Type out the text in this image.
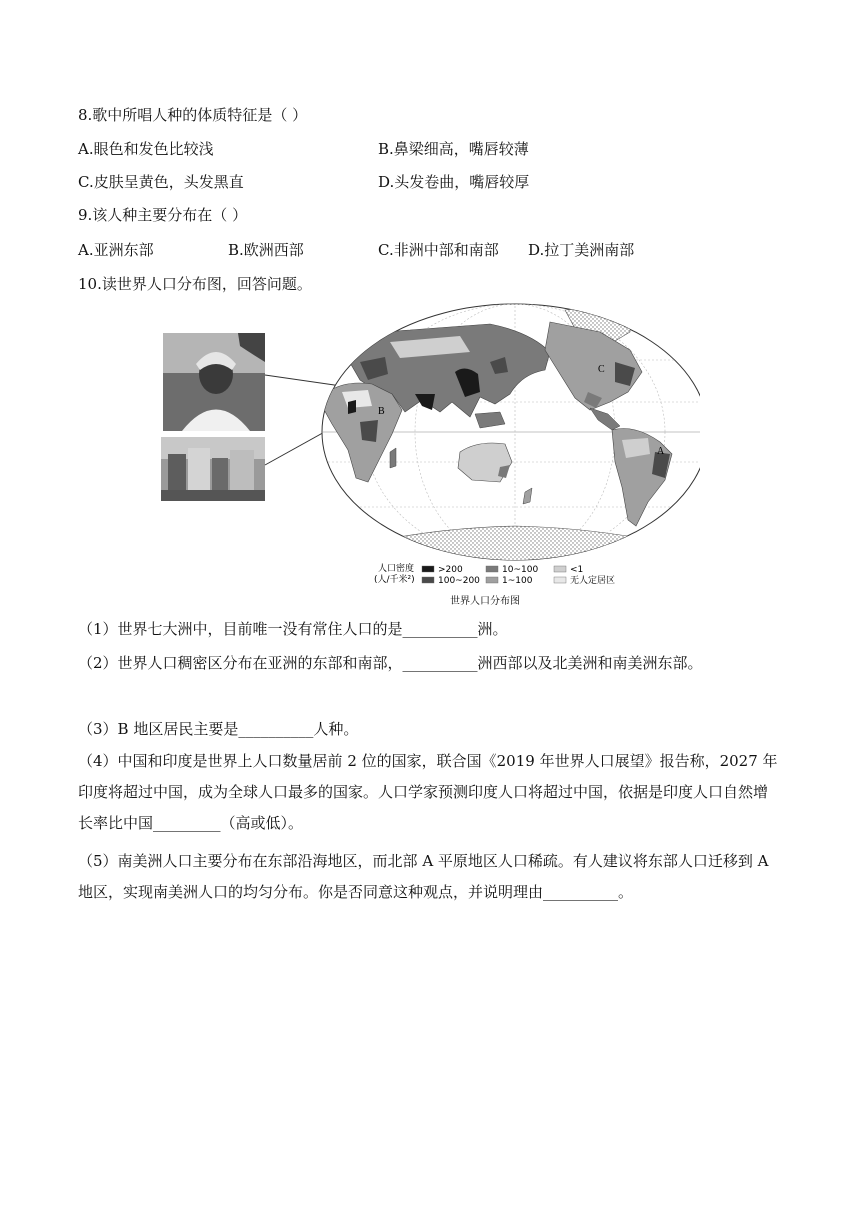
8.歌中所唱人种的体质特征是（ ）
A.眼色和发色比较浅	B.鼻梁细高，嘴唇较薄
C.皮肤呈黄色，头发黑直	D.头发卷曲，嘴唇较厚
9.该人种主要分布在（ ）
A.亚洲东部	B.欧洲西部	C.非洲中部和南部 D.拉丁美洲南部
10.读世界人口分布图，回答问题。
B
C
A
人口密度
(人/千米²)
>200
100~200
10~100
1~100
<1
无人定居区
世界人口分布图
（1）世界七大洲中，目前唯一没有常住人口的是__________洲。
（2）世界人口稠密区分布在亚洲的东部和南部，__________洲西部以及北美洲和南美洲东部。
（3）B 地区居民主要是__________人种。
（4）中国和印度是世界上人口数量居前 2 位的国家，联合国《2019 年世界人口展望》报告称，2027 年印度将超过中国，成为全球人口最多的国家。人口学家预测印度人口将超过中国，依据是印度人口自然增长率比中国_________（高或低）。
（5）南美洲人口主要分布在东部沿海地区，而北部 A 平原地区人口稀疏。有人建议将东部人口迁移到 A 地区，实现南美洲人口的均匀分布。你是否同意这种观点，并说明理由__________。
